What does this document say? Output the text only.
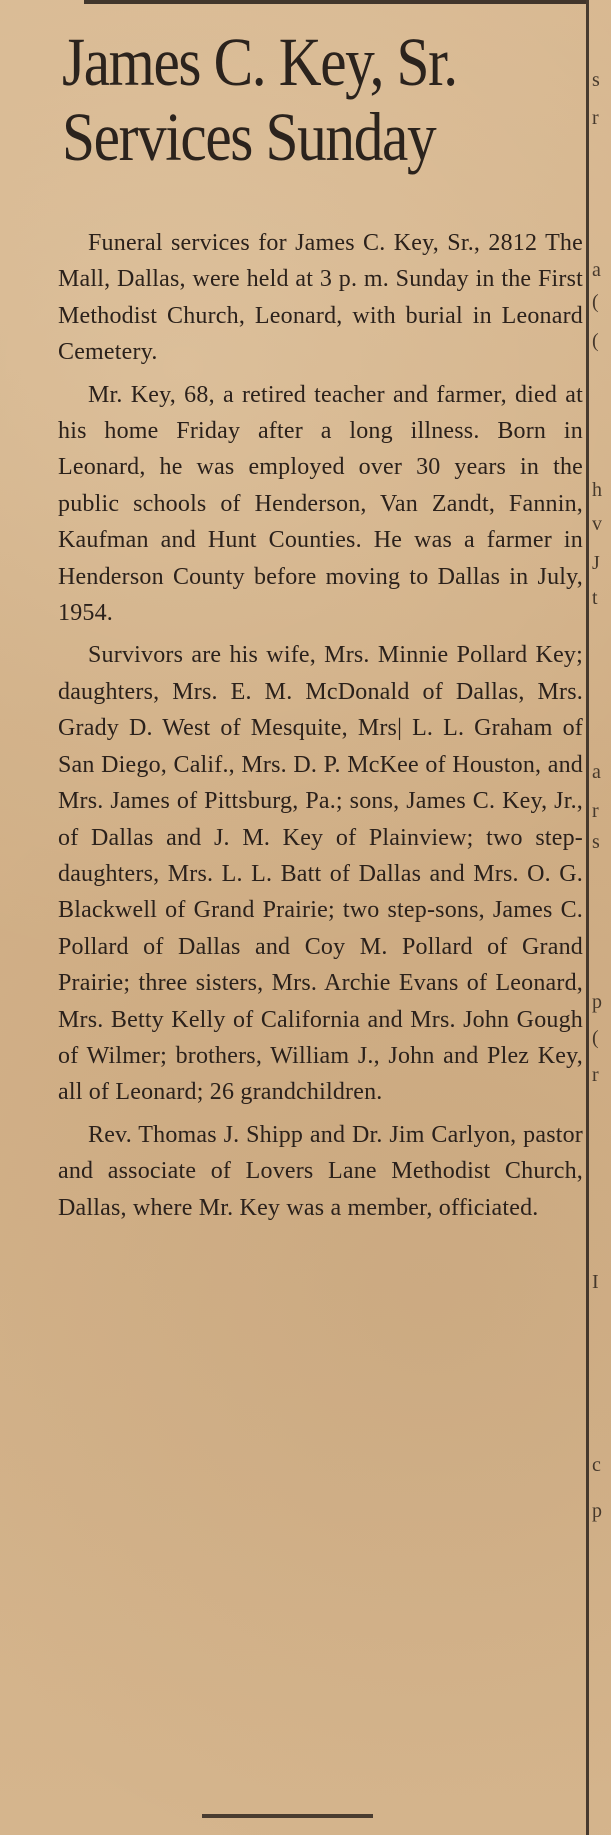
James C. Key, Sr.
Services Sunday

Funeral services for James C. Key, Sr., 2812 The Mall, Dallas, were held at 3 p. m. Sunday in the First Methodist Church, Leonard, with burial in Leonard Cemetery.

Mr. Key, 68, a retired teacher and farmer, died at his home Friday after a long illness. Born in Leonard, he was employed over 30 years in the public schools of Henderson, Van Zandt, Fannin, Kaufman and Hunt Counties. He was a farmer in Henderson County before moving to Dallas in July, 1954.

Survivors are his wife, Mrs. Minnie Pollard Key; daughters, Mrs. E. M. McDonald of Dallas, Mrs. Grady D. West of Mesquite, Mrs| L. L. Graham of San Diego, Calif., Mrs. D. P. McKee of Houston, and Mrs. James of Pittsburg, Pa.; sons, James C. Key, Jr., of Dallas and J. M. Key of Plainview; two step-daughters, Mrs. L. L. Batt of Dallas and Mrs. O. G. Blackwell of Grand Prairie; two step-sons, James C. Pollard of Dallas and Coy M. Pollard of Grand Prairie; three sisters, Mrs. Archie Evans of Leonard, Mrs. Betty Kelly of California and Mrs. John Gough of Wilmer; brothers, William J., John and Plez Key, all of Leonard; 26 grandchildren.

Rev. Thomas J. Shipp and Dr. Jim Carlyon, pastor and associate of Lovers Lane Methodist Church, Dallas, where Mr. Key was a member, officiated.

s
r
a
(
(
h
v
J
t
a
r
s
p
(
r
I
c
p
